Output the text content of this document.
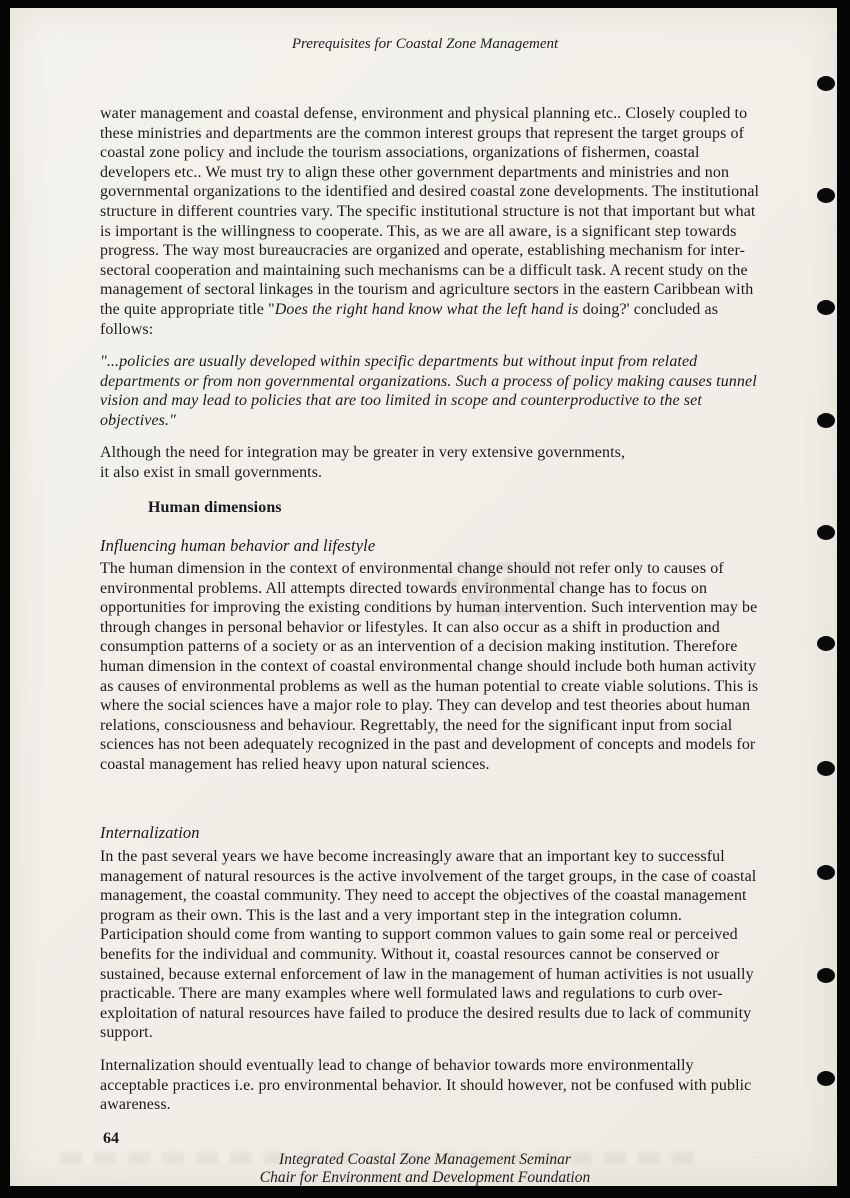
Prerequisites for Coastal Zone Management
water management and coastal defense, environment and physical planning etc.. Closely coupled to these ministries and departments are the common interest groups that represent the target groups of coastal zone policy and include the tourism associations, organizations of fishermen, coastal developers etc.. We must try to align these other government departments and ministries and non governmental organizations to the identified and desired coastal zone developments. The institutional structure in different countries vary. The specific institutional structure is not that important but what is important is the willingness to cooperate. This, as we are all aware, is a significant step towards progress. The way most bureaucracies are organized and operate, establishing mechanism for inter-sectoral cooperation and maintaining such mechanisms can be a difficult task. A recent study on the management of sectoral linkages in the tourism and agriculture sectors in the eastern Caribbean with the quite appropriate title "Does the right hand know what the left hand is doing?' concluded as follows:
"...policies are usually developed within specific departments but without input from related departments or from non governmental organizations. Such a process of policy making causes tunnel vision and may lead to policies that are too limited in scope and counterproductive to the set objectives."
Although the need for integration may be greater in very extensive governments,
it also exist in small governments.
Human dimensions
Influencing human behavior and lifestyle
The human dimension in the context of environmental change should not refer only to causes of environmental problems. All attempts directed towards environmental change has to focus on opportunities for improving the existing conditions by human intervention. Such intervention may be through changes in personal behavior or lifestyles. It can also occur as a shift in production and consumption patterns of a society or as an intervention of a decision making institution. Therefore human dimension in the context of coastal environmental change should include both human activity as causes of environmental problems as well as the human potential to create viable solutions. This is where the social sciences have a major role to play. They can develop and test theories about human relations, consciousness and behaviour. Regrettably, the need for the significant input from social sciences has not been adequately recognized in the past and development of concepts and models for coastal management has relied heavy upon natural sciences.
Internalization
In the past several years we have become increasingly aware that an important key to successful management of natural resources is the active involvement of the target groups, in the case of coastal management, the coastal community. They need to accept the objectives of the coastal management program as their own. This is the last and a very important step in the integration column. Participation should come from wanting to support common values to gain some real or perceived benefits for the individual and community. Without it, coastal resources cannot be conserved or sustained, because external enforcement of law in the management of human activities is not usually practicable. There are many examples where well formulated laws and regulations to curb over-exploitation of natural resources have failed to produce the desired results due to lack of community support.
Internalization should eventually lead to change of behavior towards more environmentally acceptable practices i.e. pro environmental behavior. It should however, not be confused with public awareness.
64
Integrated Coastal Zone Management Seminar
Chair for Environment and Development Foundation
